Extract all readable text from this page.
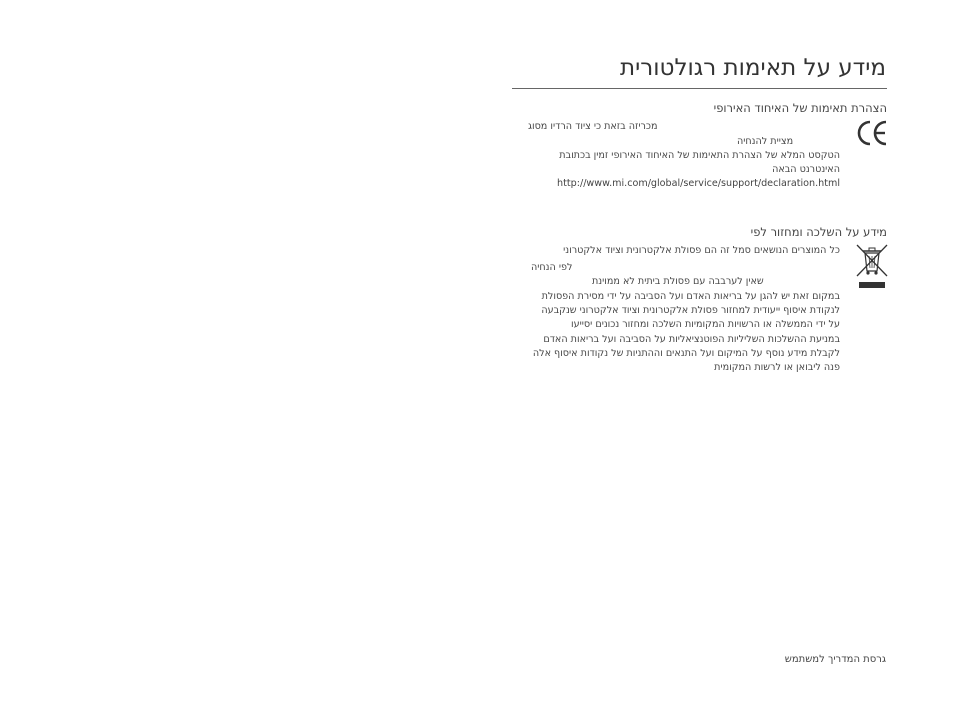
מידע על תאימות רגולטורית
הצהרת תאימות של האיחוד האירופי
מכריזה בזאת כי ציוד הרדיו מסוג
מציית להנחיה
הטקסט המלא של הצהרת התאימות של האיחוד האירופי זמין בכתובת
האינטרנט הבאה
http://www.mi.com/global/service/support/declaration.html
מידע על השלכה ומחזור לפי
כל המוצרים הנושאים סמל זה הם פסולת אלקטרונית וציוד אלקטרוני
לפי הנחיה
שאין לערבבה עם פסולת ביתית לא ממוינת
במקום זאת יש להגן על בריאות האדם ועל הסביבה על ידי מסירת הפסולת
לנקודת איסוף ייעודית למחזור פסולת אלקטרונית וציוד אלקטרוני שנקבעה
על ידי הממשלה או הרשויות המקומיות השלכה ומחזור נכונים יסייעו
במניעת ההשלכות השליליות הפוטנציאליות על הסביבה ועל בריאות האדם
לקבלת מידע נוסף על המיקום ועל התנאים וההתניות של נקודות איסוף אלה
פנה ליבואן או לרשות המקומית
גרסת המדריך למשתמש
